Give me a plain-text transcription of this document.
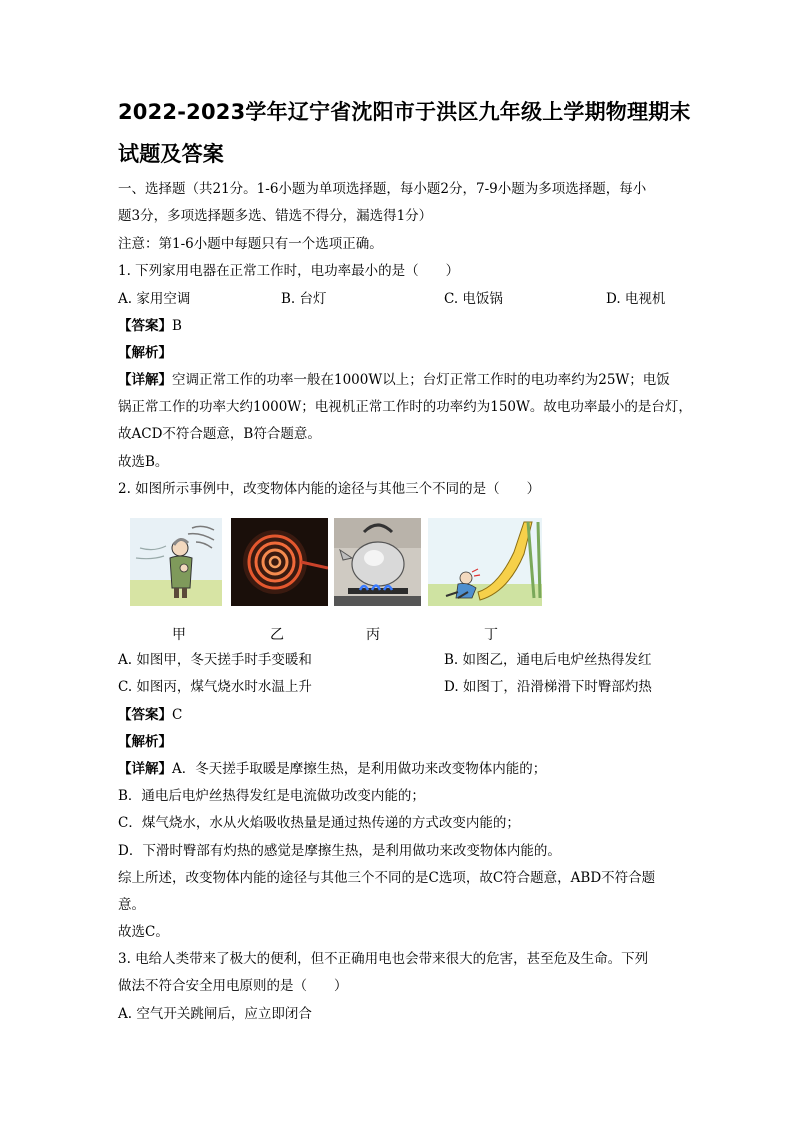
2022-2023学年辽宁省沈阳市于洪区九年级上学期物理期末
试题及答案
一、选择题（共21分。1-6小题为单项选择题，每小题2分，7-9小题为多项选择题，每小
题3分，多项选择题多选、错选不得分，漏选得1分）
注意：第1-6小题中每题只有一个选项正确。
1. 下列家用电器在正常工作时，电功率最小的是（　　）
A. 家用空调	B. 台灯	C. 电饭锅	D. 电视机
【答案】B
【解析】
【详解】空调正常工作的功率一般在1000W以上；台灯正常工作时的电功率约为25W；电饭
锅正常工作的功率大约1000W；电视机正常工作时的功率约为150W。故电功率最小的是台灯，
故ACD不符合题意，B符合题意。
故选B。
2. 如图所示事例中，改变物体内能的途径与其他三个不同的是（　　）
甲	乙	丙	丁
A. 如图甲，冬天搓手时手变暖和	B. 如图乙，通电后电炉丝热得发红
C. 如图丙，煤气烧水时水温上升	D. 如图丁，沿滑梯滑下时臀部灼热
【答案】C
【解析】
【详解】A．冬天搓手取暖是摩擦生热，是利用做功来改变物体内能的；
B．通电后电炉丝热得发红是电流做功改变内能的；
C．煤气烧水，水从火焰吸收热量是通过热传递的方式改变内能的；
D．下滑时臀部有灼热的感觉是摩擦生热，是利用做功来改变物体内能的。
综上所述，改变物体内能的途径与其他三个不同的是C选项，故C符合题意，ABD不符合题
意。
故选C。
3. 电给人类带来了极大的便利，但不正确用电也会带来很大的危害，甚至危及生命。下列
做法不符合安全用电原则的是（　　）
A. 空气开关跳闸后，应立即闭合
